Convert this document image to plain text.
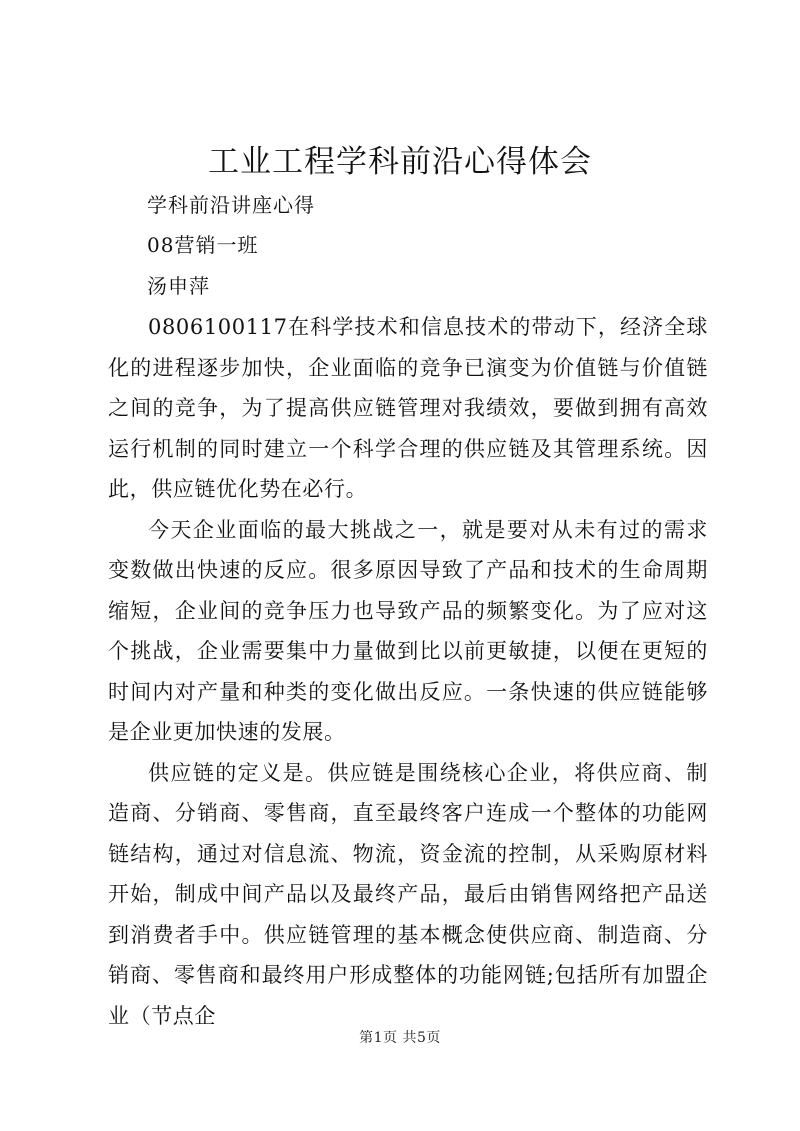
工业工程学科前沿心得体会

学科前沿讲座心得

08营销一班

汤申萍

0806100117在科学技术和信息技术的带动下，经济全球化的进程逐步加快，企业面临的竞争已演变为价值链与价值链之间的竞争，为了提高供应链管理对我绩效，要做到拥有高效运行机制的同时建立一个科学合理的供应链及其管理系统。因此，供应链优化势在必行。

今天企业面临的最大挑战之一，就是要对从未有过的需求变数做出快速的反应。很多原因导致了产品和技术的生命周期缩短，企业间的竞争压力也导致产品的频繁变化。为了应对这个挑战，企业需要集中力量做到比以前更敏捷，以便在更短的时间内对产量和种类的变化做出反应。一条快速的供应链能够是企业更加快速的发展。

供应链的定义是。供应链是围绕核心企业，将供应商、制造商、分销商、零售商，直至最终客户连成一个整体的功能网链结构，通过对信息流、物流，资金流的控制，从采购原材料开始，制成中间产品以及最终产品，最后由销售网络把产品送到消费者手中。供应链管理的基本概念使供应商、制造商、分销商、零售商和最终用户形成整体的功能网链;包括所有加盟企业（节点企

第1页 共5页
